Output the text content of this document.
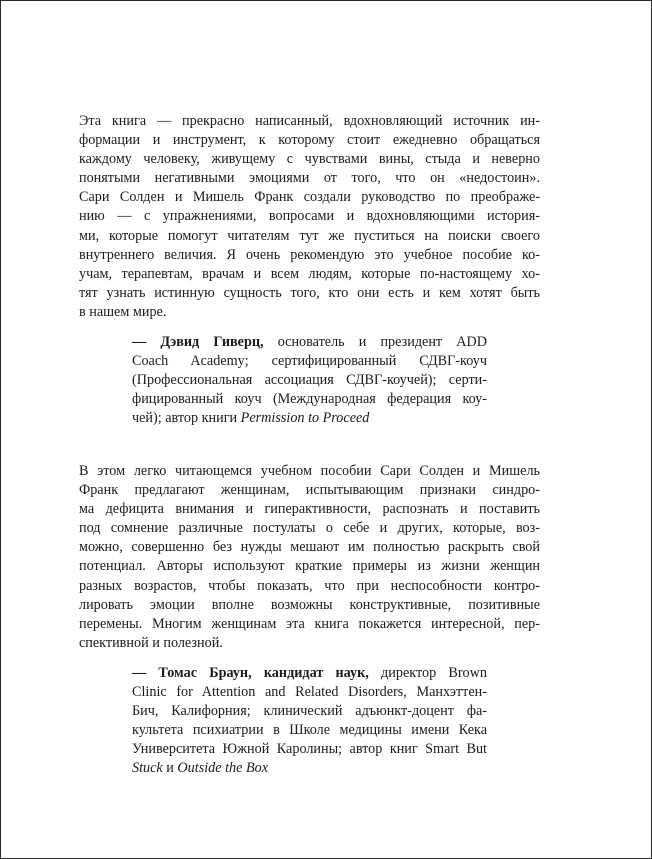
Эта книга — прекрасно написанный, вдохновляющий источник ин-
формации и инструмент, к которому стоит ежедневно обращаться
каждому человеку, живущему с чувствами вины, стыда и неверно
понятыми негативными эмоциями от того, что он «недостоин».
Сари Солден и Мишель Франк создали руководство по преображе-
нию — с упражнениями, вопросами и вдохновляющими история-
ми, которые помогут читателям тут же пуститься на поиски своего
внутреннего величия. Я очень рекомендую это учебное пособие ко-
учам, терапевтам, врачам и всем людям, которые по-настоящему хо-
тят узнать истинную сущность того, кто они есть и кем хотят быть
в нашем мире.
— Дэвид Гиверц, основатель и президент ADD
Coach Academy; сертифицированный СДВГ-коуч
(Профессиональная ассоциация СДВГ-коучей); серти-
фицированный коуч (Международная федерация коу-
чей); автор книги Permission to Proceed
В этом легко читающемся учебном пособии Сари Солден и Мишель
Франк предлагают женщинам, испытывающим признаки синдро-
ма дефицита внимания и гиперактивности, распознать и поставить
под сомнение различные постулаты о себе и других, которые, воз-
можно, совершенно без нужды мешают им полностью раскрыть свой
потенциал. Авторы используют краткие примеры из жизни женщин
разных возрастов, чтобы показать, что при неспособности контро-
лировать эмоции вполне возможны конструктивные, позитивные
перемены. Многим женщинам эта книга покажется интересной, пер-
спективной и полезной.
— Томас Браун, кандидат наук, директор Brown
Clinic for Attention and Related Disorders, Манхэттен-
Бич, Калифорния; клинический адъюнкт-доцент фа-
культета психиатрии в Школе медицины имени Кека
Университета Южной Каролины; автор книг Smart But
Stuck и Outside the Box
